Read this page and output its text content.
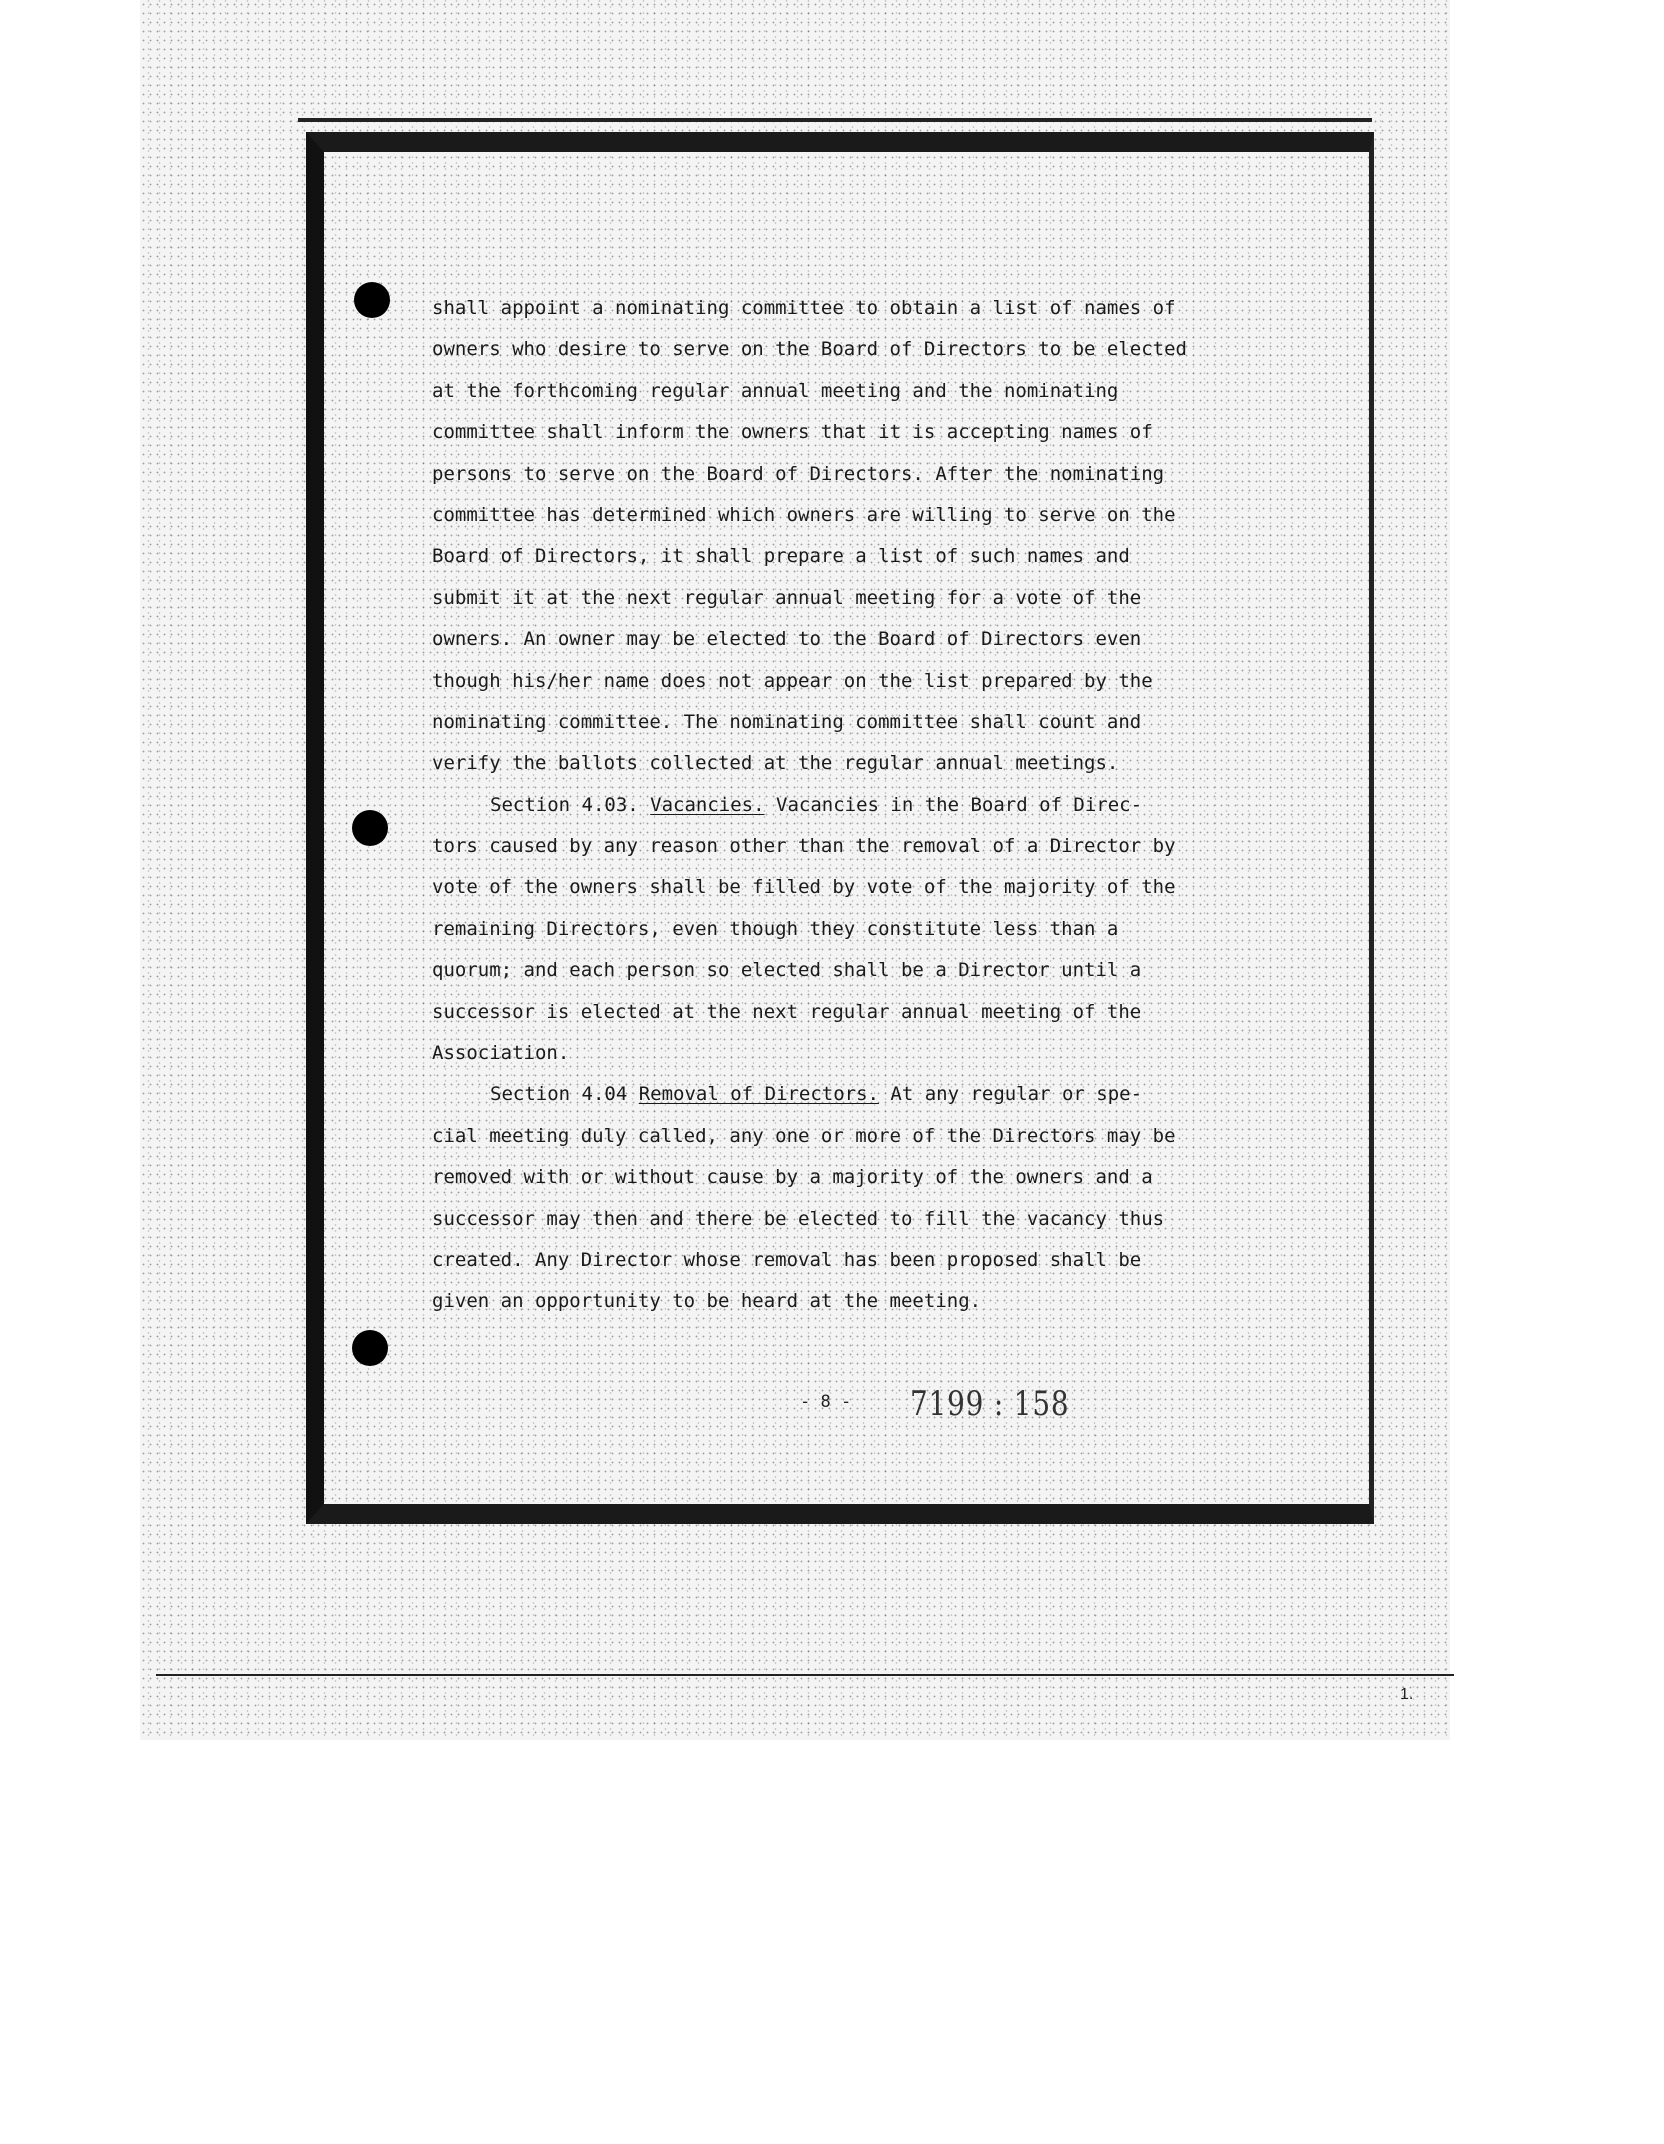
shall appoint a nominating committee to obtain a list of names of
owners who desire to serve on the Board of Directors to be elected
at the forthcoming regular annual meeting and the nominating
committee shall inform the owners that it is accepting names of
persons to serve on the Board of Directors. After the nominating
committee has determined which owners are willing to serve on the
Board of Directors, it shall prepare a list of such names and
submit it at the next regular annual meeting for a vote of the
owners. An owner may be elected to the Board of Directors even
though his/her name does not appear on the list prepared by the
nominating committee. The nominating committee shall count and
verify the ballots collected at the regular annual meetings.
Section 4.03. Vacancies. Vacancies in the Board of Direc-
tors caused by any reason other than the removal of a Director by
vote of the owners shall be filled by vote of the majority of the
remaining Directors, even though they constitute less than a
quorum; and each person so elected shall be a Director until a
successor is elected at the next regular annual meeting of the
Association.
Section 4.04 Removal of Directors. At any regular or spe-
cial meeting duly called, any one or more of the Directors may be
removed with or without cause by a majority of the owners and a
successor may then and there be elected to fill the vacancy thus
created. Any Director whose removal has been proposed shall be
given an opportunity to be heard at the meeting.
- 8 - 7199 : 158
1.
